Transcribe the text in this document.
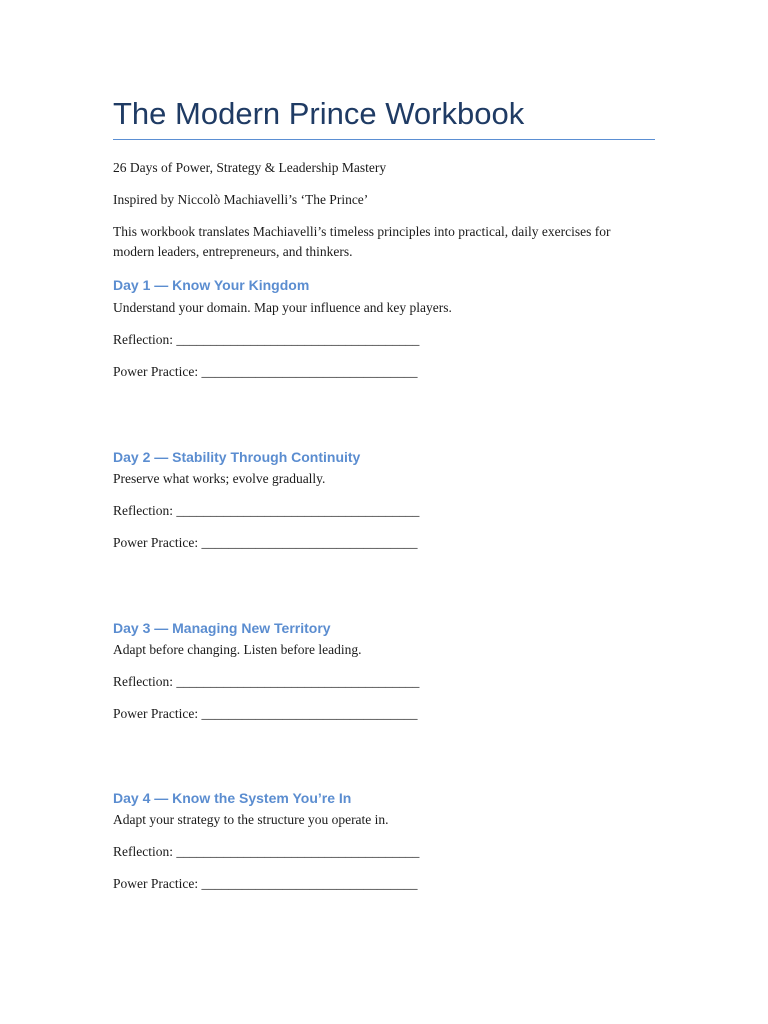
The Modern Prince Workbook

26 Days of Power, Strategy & Leadership Mastery

Inspired by Niccolò Machiavelli’s ‘The Prince’

This workbook translates Machiavelli’s timeless principles into practical, daily exercises for modern leaders, entrepreneurs, and thinkers.

Day 1 — Know Your Kingdom

Understand your domain. Map your influence and key players.

Reflection: ____________________________________

Power Practice: ________________________________

Day 2 — Stability Through Continuity

Preserve what works; evolve gradually.

Reflection: ____________________________________

Power Practice: ________________________________

Day 3 — Managing New Territory

Adapt before changing. Listen before leading.

Reflection: ____________________________________

Power Practice: ________________________________

Day 4 — Know the System You’re In

Adapt your strategy to the structure you operate in.

Reflection: ____________________________________

Power Practice: ________________________________
